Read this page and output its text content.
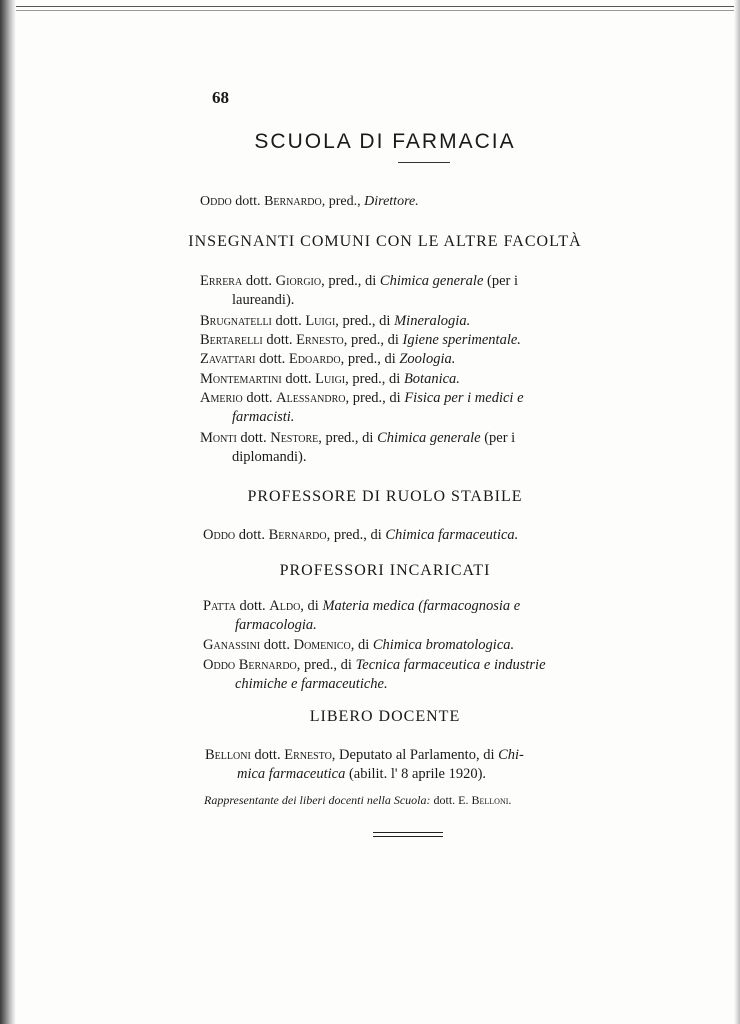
68
SCUOLA DI FARMACIA
Oddo dott. Bernardo, pred., Direttore.
INSEGNANTI COMUNI CON LE ALTRE FACOLTÀ
Errera dott. Giorgio, pred., di Chimica generale (per i
laureandi).
Brugnatelli dott. Luigi, pred., di Mineralogia.
Bertarelli dott. Ernesto, pred., di Igiene sperimentale.
Zavattari dott. Edoardo, pred., di Zoologia.
Montemartini dott. Luigi, pred., di Botanica.
Amerio dott. Alessandro, pred., di Fisica per i medici e
farmacisti.
Monti dott. Nestore, pred., di Chimica generale (per i
diplomandi).
PROFESSORE DI RUOLO STABILE
Oddo dott. Bernardo, pred., di Chimica farmaceutica.
PROFESSORI INCARICATI
Patta dott. Aldo, di Materia medica (farmacognosia e
farmacologia.
Ganassini dott. Domenico, di Chimica bromatologica.
Oddo Bernardo, pred., di Tecnica farmaceutica e industrie
chimiche e farmaceutiche.
LIBERO DOCENTE
Belloni dott. Ernesto, Deputato al Parlamento, di Chi-
mica farmaceutica (abilit. l' 8 aprile 1920).
Rappresentante dei liberi docenti nella Scuola: dott. E. Belloni.
